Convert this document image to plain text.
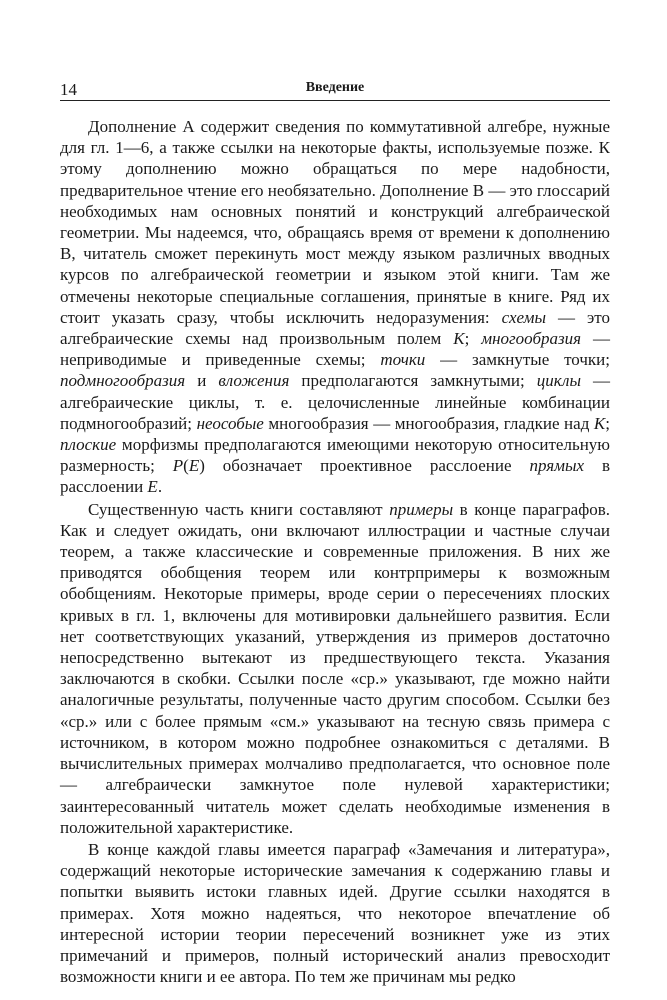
14	Введение

Дополнение А содержит сведения по коммутативной алгебре, нужные для гл. 1—6, а также ссылки на некоторые факты, используемые позже. К этому дополнению можно обращаться по мере надобности, предварительное чтение его необязательно. Дополнение В — это глоссарий необходимых нам основных понятий и конструкций алгебраической геометрии. Мы надеемся, что, обращаясь время от времени к дополнению В, читатель сможет перекинуть мост между языком различных вводных курсов по алгебраической геометрии и языком этой книги. Там же отмечены некоторые специальные соглашения, принятые в книге. Ряд их стоит указать сразу, чтобы исключить недоразумения: схемы — это алгебраические схемы над произвольным полем K; многообразия — неприводимые и приведенные схемы; точки — замкнутые точки; подмногообразия и вложения предполагаются замкнутыми; циклы — алгебраические циклы, т. е. целочисленные линейные комбинации подмногообразий; неособые многообразия — многообразия, гладкие над K; плоские морфизмы предполагаются имеющими некоторую относительную размерность; P(E) обозначает проективное расслоение прямых в расслоении E.

Существенную часть книги составляют примеры в конце параграфов. Как и следует ожидать, они включают иллюстрации и частные случаи теорем, а также классические и современные приложения. В них же приводятся обобщения теорем или контрпримеры к возможным обобщениям. Некоторые примеры, вроде серии о пересечениях плоских кривых в гл. 1, включены для мотивировки дальнейшего развития. Если нет соответствующих указаний, утверждения из примеров достаточно непосредственно вытекают из предшествующего текста. Указания заключаются в скобки. Ссылки после «ср.» указывают, где можно найти аналогичные результаты, полученные часто другим способом. Ссылки без «ср.» или с более прямым «см.» указывают на тесную связь примера с источником, в котором можно подробнее ознакомиться с деталями. В вычислительных примерах молчаливо предполагается, что основное поле — алгебраически замкнутое поле нулевой характеристики; заинтересованный читатель может сделать необходимые изменения в положительной характеристике.

В конце каждой главы имеется параграф «Замечания и литература», содержащий некоторые исторические замечания к содержанию главы и попытки выявить истоки главных идей. Другие ссылки находятся в примерах. Хотя можно надеяться, что некоторое впечатление об интересной истории теории пересечений возникнет уже из этих примечаний и примеров, полный исторический анализ превосходит возможности книги и ее автора. По тем же причинам мы редко
